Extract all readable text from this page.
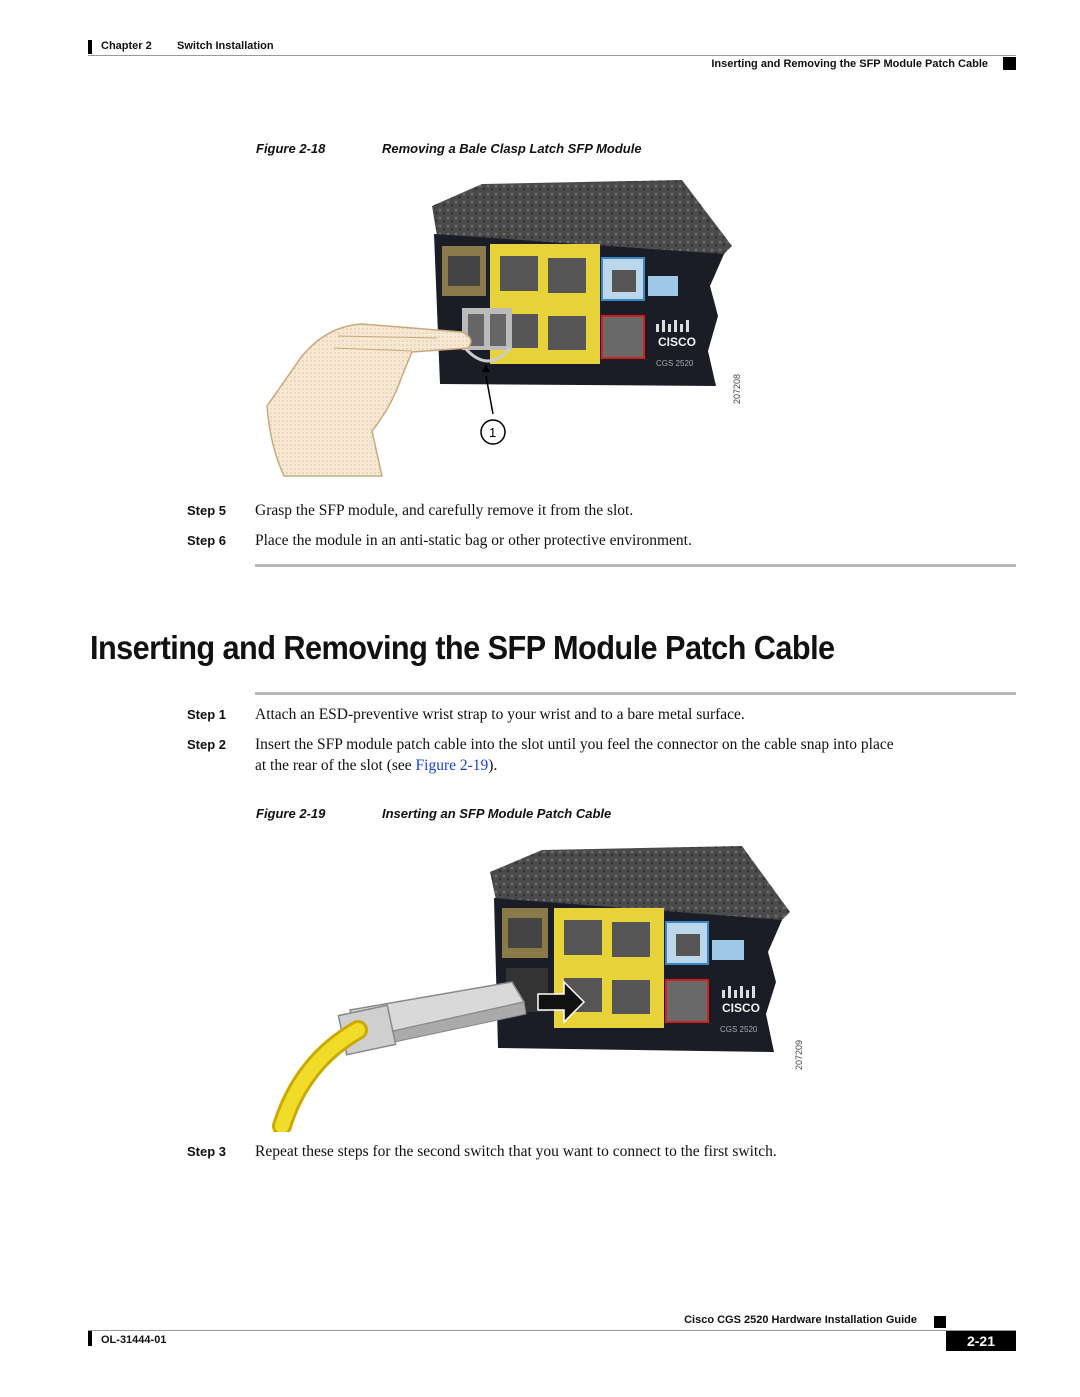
Chapter 2 Switch Installation
Inserting and Removing the SFP Module Patch Cable
Figure 2-18	Removing a Bale Clasp Latch SFP Module
CISCO
CGS 2520
207208
1
Step 5 Grasp the SFP module, and carefully remove it from the slot.
Step 6 Place the module in an anti-static bag or other protective environment.
Inserting and Removing the SFP Module Patch Cable
Step 1 Attach an ESD-preventive wrist strap to your wrist and to a bare metal surface.
Step 2 Insert the SFP module patch cable into the slot until you feel the connector on the cable snap into place
at the rear of the slot (see Figure 2-19).
Figure 2-19	Inserting an SFP Module Patch Cable
CISCO
CGS 2520
207209
Step 3 Repeat these steps for the second switch that you want to connect to the first switch.
Cisco CGS 2520 Hardware Installation Guide
OL-31444-01	2-21
